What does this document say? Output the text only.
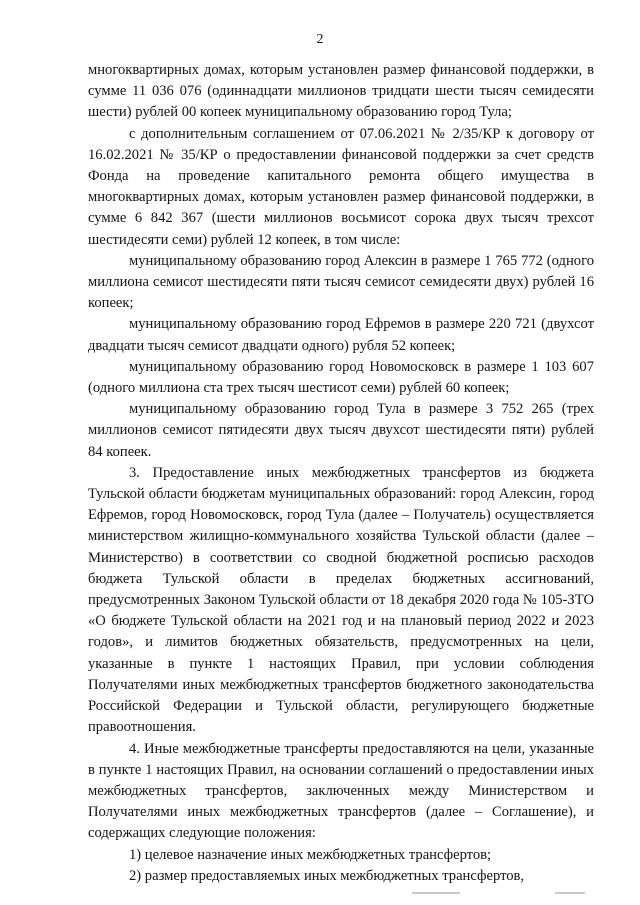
2

многоквартирных домах, которым установлен размер финансовой поддержки, в сумме 11 036 076 (одиннадцати миллионов тридцати шести тысяч семидесяти шести) рублей 00 копеек муниципальному образованию город Тула;

с дополнительным соглашением от 07.06.2021 № 2/35/КР к договору от 16.02.2021 № 35/КР о предоставлении финансовой поддержки за счет средств Фонда на проведение капитального ремонта общего имущества в многоквартирных домах, которым установлен размер финансовой поддержки, в сумме 6 842 367 (шести миллионов восьмисот сорока двух тысяч трехсот шестидесяти семи) рублей 12 копеек, в том числе:

муниципальному образованию город Алексин в размере 1 765 772 (одного миллиона семисот шестидесяти пяти тысяч семисот семидесяти двух) рублей 16 копеек;

муниципальному образованию город Ефремов в размере 220 721 (двухсот двадцати тысяч семисот двадцати одного) рубля 52 копеек;

муниципальному образованию город Новомосковск в размере 1 103 607 (одного миллиона ста трех тысяч шестисот семи) рублей 60 копеек;

муниципальному образованию город Тула в размере 3 752 265 (трех миллионов семисот пятидесяти двух тысяч двухсот шестидесяти пяти) рублей 84 копеек.

3. Предоставление иных межбюджетных трансфертов из бюджета Тульской области бюджетам муниципальных образований: город Алексин, город Ефремов, город Новомосковск, город Тула (далее – Получатель) осуществляется министерством жилищно-коммунального хозяйства Тульской области (далее – Министерство) в соответствии со сводной бюджетной росписью расходов бюджета Тульской области в пределах бюджетных ассигнований, предусмотренных Законом Тульской области от 18 декабря 2020 года № 105-ЗТО «О бюджете Тульской области на 2021 год и на плановый период 2022 и 2023 годов», и лимитов бюджетных обязательств, предусмотренных на цели, указанные в пункте 1 настоящих Правил, при условии соблюдения Получателями иных межбюджетных трансфертов бюджетного законодательства Российской Федерации и Тульской области, регулирующего бюджетные правоотношения.

4. Иные межбюджетные трансферты предоставляются на цели, указанные в пункте 1 настоящих Правил, на основании соглашений о предоставлении иных межбюджетных трансфертов, заключенных между Министерством и Получателями иных межбюджетных трансфертов (далее – Соглашение), и содержащих следующие положения:

1) целевое назначение иных межбюджетных трансфертов;

2) размер предоставляемых иных межбюджетных трансфертов,
